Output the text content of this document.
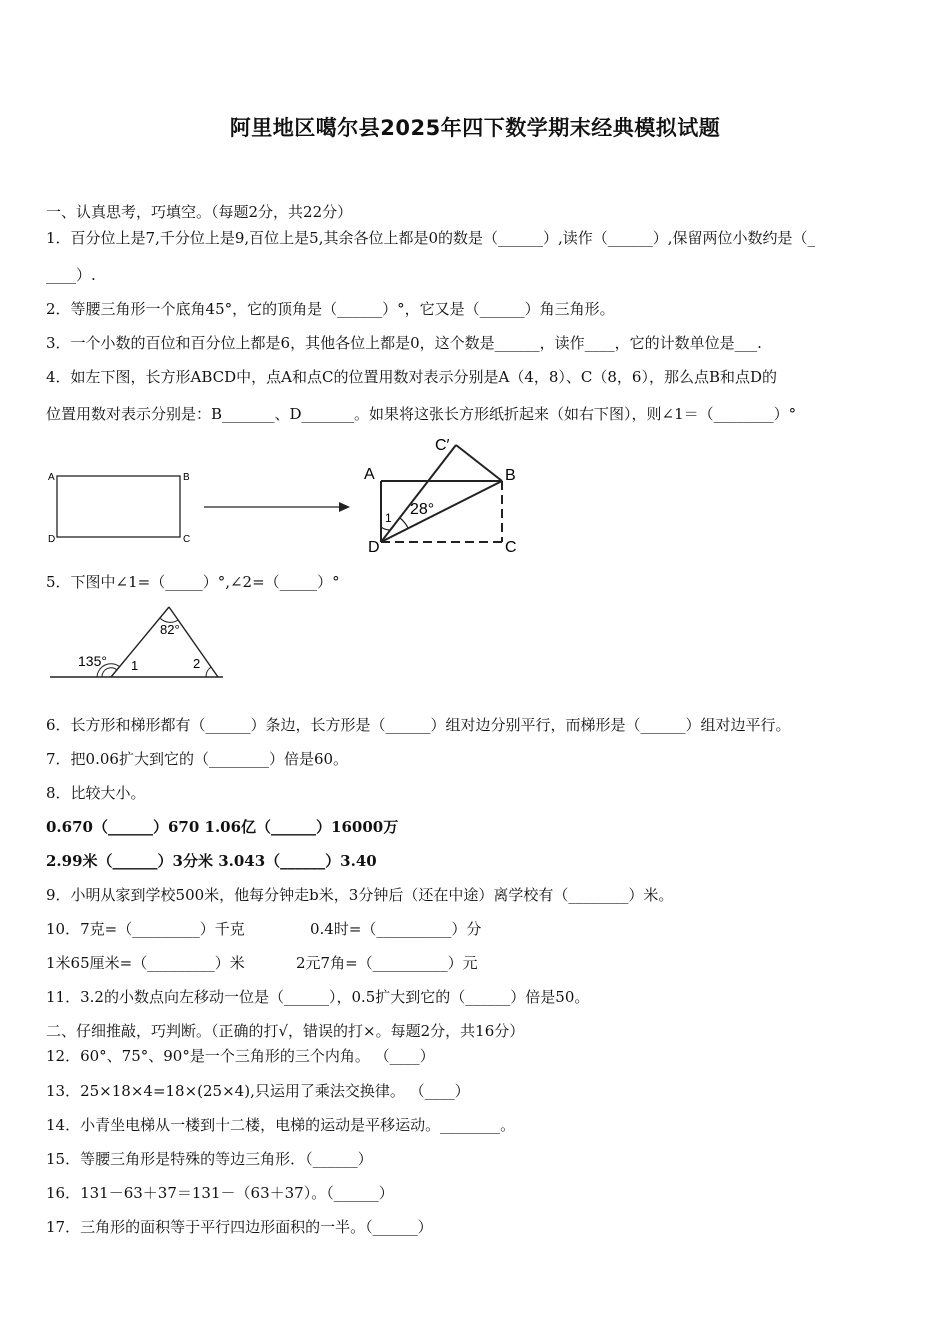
阿里地区噶尔县2025年四下数学期末经典模拟试题
一、认真思考，巧填空。（每题2分，共22分）
1．百分位上是7,千分位上是9,百位上是5,其余各位上都是0的数是（______）,读作（______）,保留两位小数约是（_
____）.
2．等腰三角形一个底角45°，它的顶角是（______）°，它又是（______）角三角形。
3．一个小数的百位和百分位上都是6，其他各位上都是0，这个数是______，读作____，它的计数单位是___.
4．如左下图，长方形ABCD中，点A和点C的位置用数对表示分别是A（4，8）、C（8，6），那么点B和点D的
位置用数对表示分别是：B_______、D_______。如果将这张长方形纸折起来（如右下图），则∠1＝（________）°
A	B
C
D
A	B
C
D
C′
1 28°
5．下图中∠1=（_____）°,∠2=（_____）°
135°
82°
1	2
6．长方形和梯形都有（______）条边，长方形是（______）组对边分别平行，而梯形是（______）组对边平行。
7．把0.06扩大到它的（________）倍是60。
8．比较大小。
0.670（______）670 1.06亿（______）16000万
2.99米（______）3分米 3.043（______）3.40
9．小明从家到学校500米，他每分钟走b米，3分钟后（还在中途）离学校有（________）米。
10．7克=（_________）千克	0.4时=（__________）分
1米65厘米=（_________）米	2元7角=（__________）元
11．3.2的小数点向左移动一位是（______），0.5扩大到它的（______）倍是50。
二、仔细推敲，巧判断。（正确的打√，错误的打×。每题2分，共16分）
12．60°、75°、90°是一个三角形的三个内角。 （____）
13．25×18×4=18×(25×4),只运用了乘法交换律。 （____）
14．小青坐电梯从一楼到十二楼，电梯的运动是平移运动。________。
15．等腰三角形是特殊的等边三角形．（______）
16．131－63＋37＝131－（63＋37）。（______）
17．三角形的面积等于平行四边形面积的一半。（______）
